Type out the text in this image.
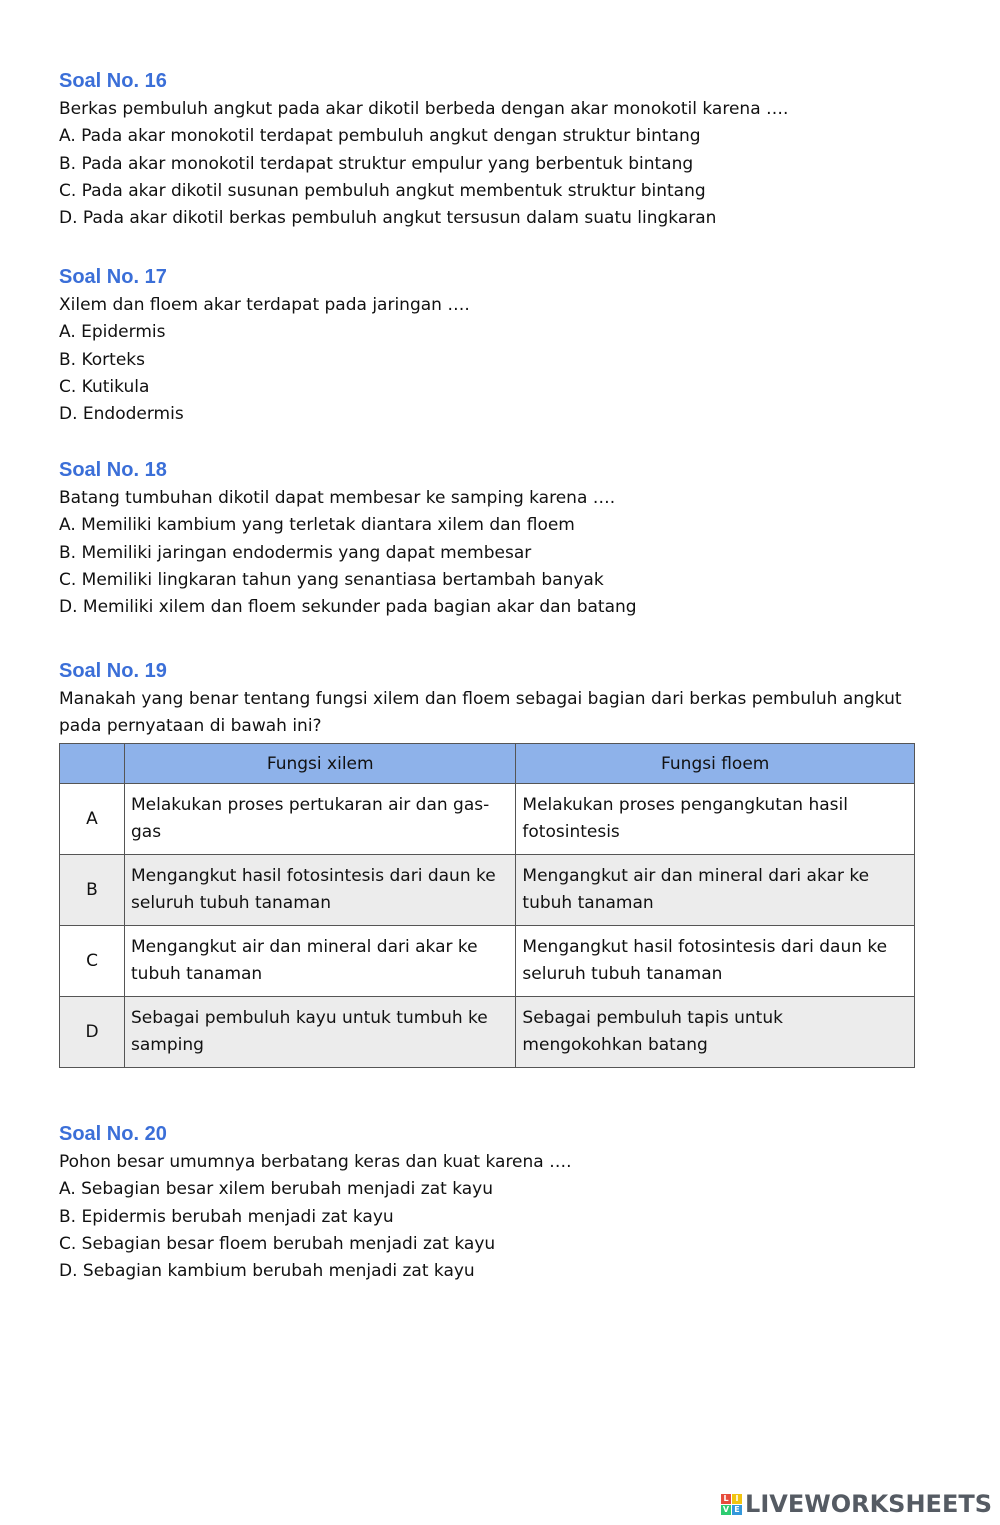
Soal No. 16

Berkas pembuluh angkut pada akar dikotil berbeda dengan akar monokotil karena ….

A. Pada akar monokotil terdapat pembuluh angkut dengan struktur bintang

B. Pada akar monokotil terdapat struktur empulur yang berbentuk bintang

C. Pada akar dikotil susunan pembuluh angkut membentuk struktur bintang

D. Pada akar dikotil berkas pembuluh angkut tersusun dalam suatu lingkaran

Soal No. 17

Xilem dan floem akar terdapat pada jaringan ….

A. Epidermis

B. Korteks

C. Kutikula

D. Endodermis

Soal No. 18

Batang tumbuhan dikotil dapat membesar ke samping karena ….

A. Memiliki kambium yang terletak diantara xilem dan floem

B. Memiliki jaringan endodermis yang dapat membesar

C. Memiliki lingkaran tahun yang senantiasa bertambah banyak

D. Memiliki xilem dan floem sekunder pada bagian akar dan batang

Soal No. 19

Manakah yang benar tentang fungsi xilem dan floem sebagai bagian dari berkas pembuluh angkut pada pernyataan di bawah ini?

	Fungsi xilem	Fungsi floem
A	Melakukan proses pertukaran air dan gas-gas	Melakukan proses pengangkutan hasil fotosintesis
B	Mengangkut hasil fotosintesis dari daun ke seluruh tubuh tanaman	Mengangkut air dan mineral dari akar ke tubuh tanaman
C	Mengangkut air dan mineral dari akar ke tubuh tanaman	Mengangkut hasil fotosintesis dari daun ke seluruh tubuh tanaman
D	Sebagai pembuluh kayu untuk tumbuh ke samping	Sebagai pembuluh tapis untuk mengokohkan batang
Soal No. 20

Pohon besar umumnya berbatang keras dan kuat karena ….

A. Sebagian besar xilem berubah menjadi zat kayu

B. Epidermis berubah menjadi zat kayu

C. Sebagian besar floem berubah menjadi zat kayu

D. Sebagian kambium berubah menjadi zat kayu

L I
V E LIVEWORKSHEETS
